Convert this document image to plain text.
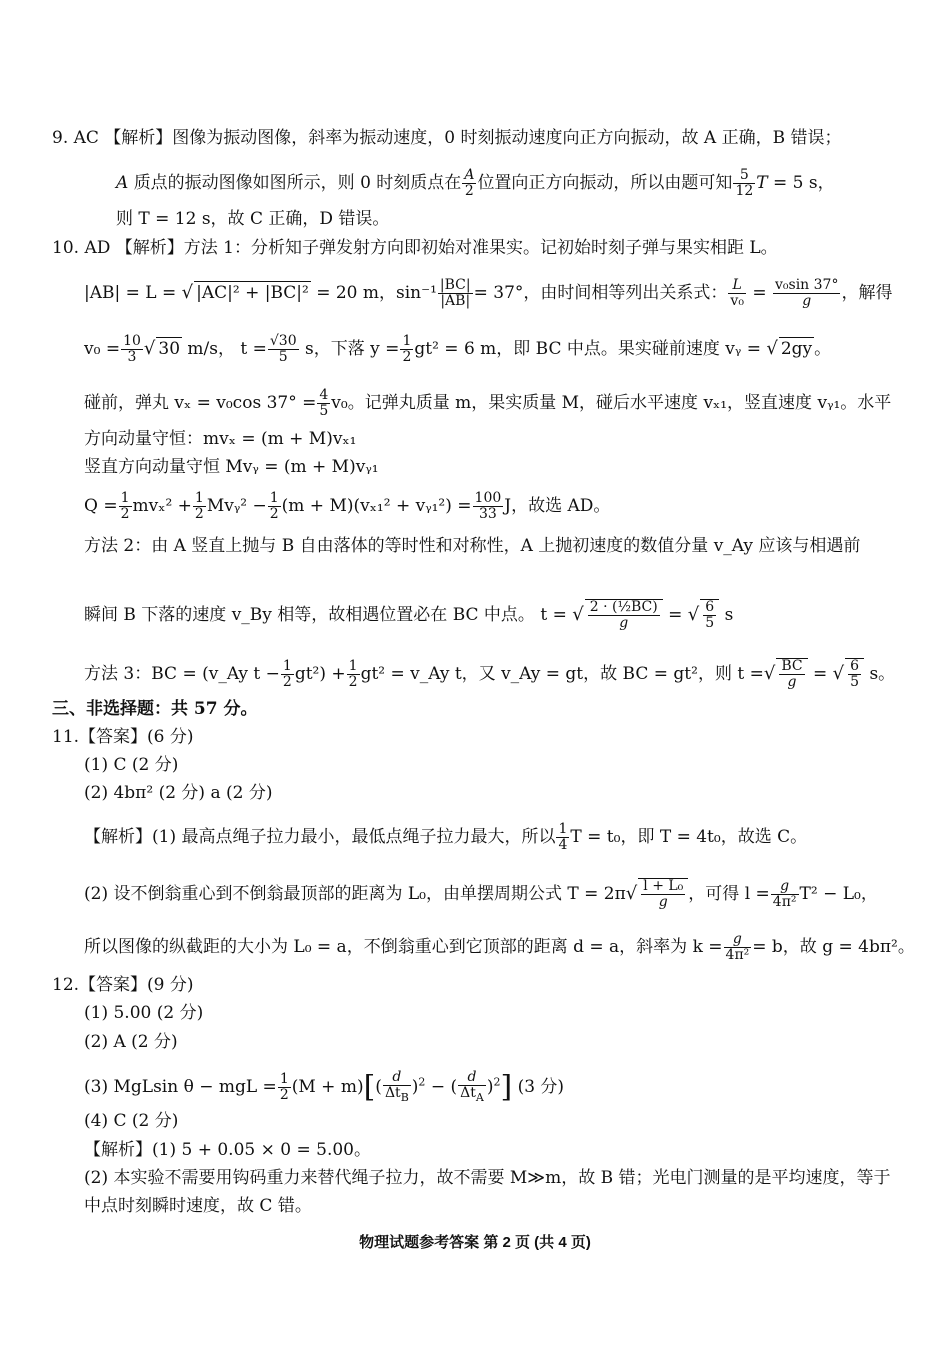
9. AC 【解析】图像为振动图像，斜率为振动速度，0 时刻振动速度向正方向振动，故 A 正确，B 错误；
A 质点的振动图像如图所示，则 0 时刻质点在 $\frac{A}{2}$ 位置向正方向振动，所以由题可知 $\frac{5}{12}$ T = 5 s，
则 T = 12 s，故 C 正确，D 错误。
10. AD 【解析】方法 1：分析知子弹发射方向即初始对准果实。记初始时刻子弹与果实相距 L。
|AB| = L = √ |AC|² + |BC|² = 20 m，$\sin^{-1} \frac{|BC|}{|AB|} = 37^\circ$，由时间相等列出关系式： $\frac{L}{\text{v₀}} = \frac{\text{v₀sin 37°}}{g}$ ，解得
$v_0 = \frac{10}{3}$ √ 30 m/s， $t = \frac{√30}{5}$ s，下落 $y = \frac{1}{2} gt^2 = 6$ m，即 BC 中点。果实碰前速度 vᵧ = √ 2gy 。
碰前，弹丸 vₓ = v₀cos $37^\circ = \frac{4}{5} v_0$。记弹丸质量 m，果实质量 M，碰后水平速度 vₓ₁，竖直速度 vᵧ₁。水平
方向动量守恒：mvₓ = (m + M)vₓ₁
竖直方向动量守恒 Mvᵧ = (m + M)vᵧ₁
$Q = \frac{1}{2} mv_x^2 + \frac{1}{2}$ Mvᵧ² − $\frac{1}{2} (m + M)(v_{x1}^2$ + vᵧ₁²) = $\frac{100}{33}$ J，故选 AD。
方法 2：由 A 竖直上抛与 B 自由落体的等时性和对称性，A 上抛初速度的数值分量 v_Ay 应该与相遇前
瞬间 B 下落的速度 v_By 相等，故相遇位置必在 BC 中点。 t = √ $\frac{\text{2 · (½BC)}}{g}$ = √ $\frac{6}{5}$ s
方法 3：BC = (v_Ay $t - \frac{1}{2} gt^2) + \frac{1}{2} gt^2$ = v_Ay t，又 v_Ay = gt，故 BC = gt²，则 t =√ $\frac{BC}{g}$ = √ $\frac{6}{5}$ s。
三、非选择题：共 57 分。
11.【答案】(6 分)
(1) C (2 分)
(2) 4bπ² (2 分) a (2 分)
【解析】(1) 最高点绳子拉力最小，最低点绳子拉力最大，所以 $\frac{1}{4}$ T = t₀，即 T = 4t₀，故选 C。
(2) 设不倒翁重心到不倒翁最顶部的距离为 L₀，由单摆周期公式 $T = 2\pi√ \frac{\text{l + L₀}}{g}$ ，可得 $l = \frac{g}{\text{4π²}} T^2 - L_0$，
所以图像的纵截距的大小为 L₀ = a，不倒翁重心到它顶部的距离 d = a，斜率为 $k = \frac{g}{\text{4π²}} = b$，故 g = 4bπ²。
12.【答案】(9 分)
(1) 5.00 (2 分)
(2) A (2 分)
(3) MgLsin θ − mgL = $\frac{1}{2} (M + m)[( \frac{d}{\Delta t_B} )^2$ − ( $\frac{d}{\Delta t_A} )^2$] (3 分)
(4) C (2 分)
【解析】(1) 5 + 0.05 × 0 = 5.00。
(2) 本实验不需要用钩码重力来替代绳子拉力，故不需要 M≫m，故 B 错；光电门测量的是平均速度，等于
中点时刻瞬时速度，故 C 错。
物理试题参考答案 第 2 页 (共 4 页)
